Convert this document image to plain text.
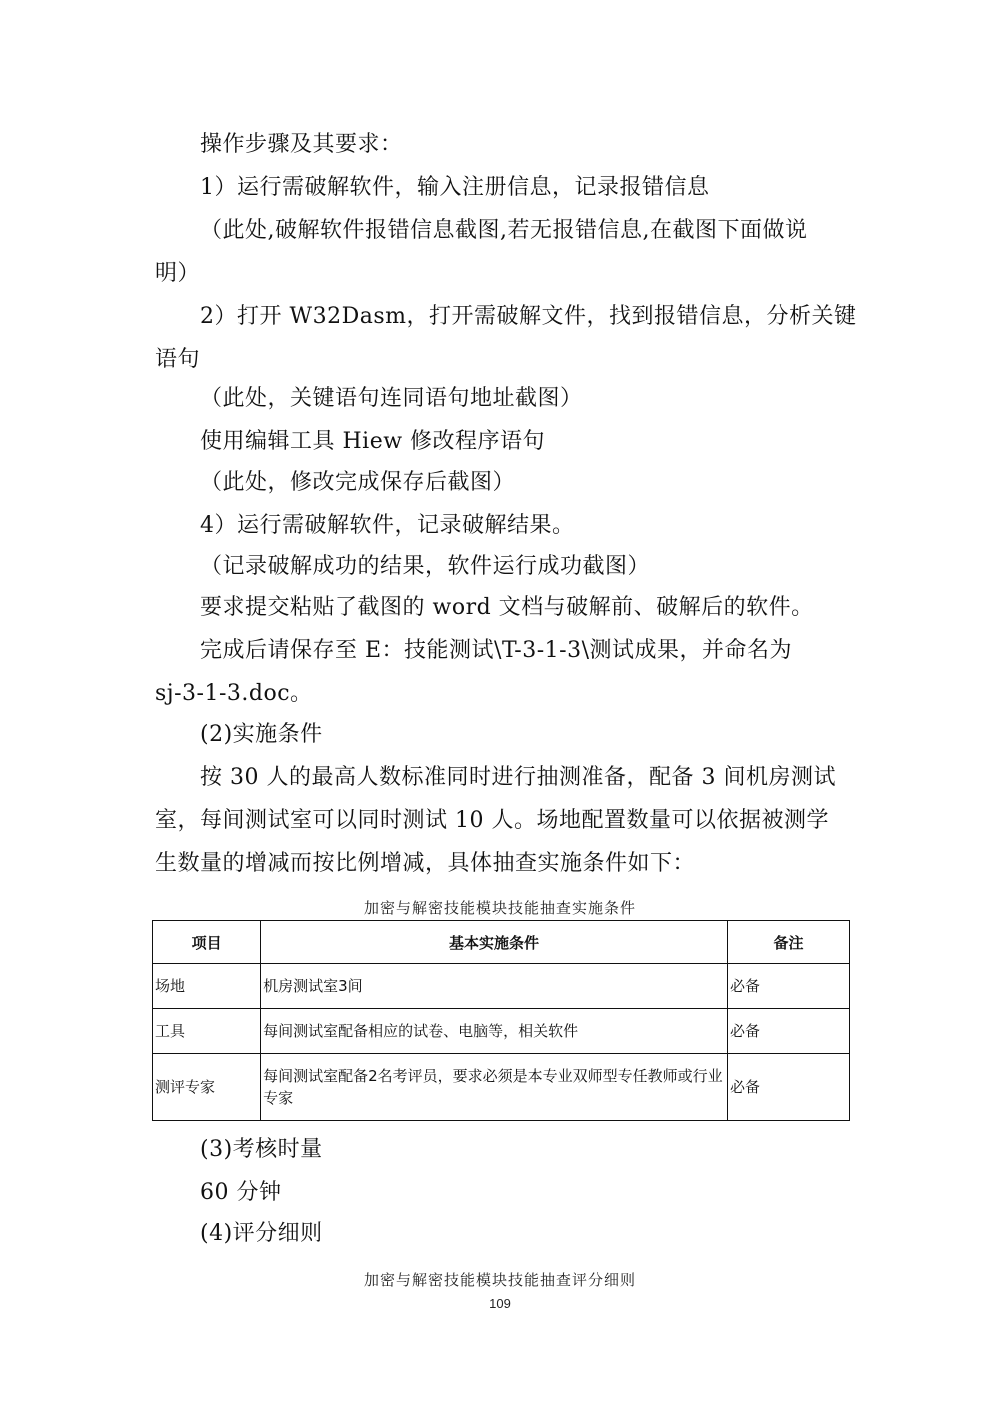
操作步骤及其要求：
1）运行需破解软件，输入注册信息，记录报错信息
（此处,破解软件报错信息截图,若无报错信息,在截图下面做说
明）
2）打开 W32Dasm，打开需破解文件，找到报错信息，分析关键
语句
（此处，关键语句连同语句地址截图）
使用编辑工具 Hiew 修改程序语句
（此处，修改完成保存后截图）
4）运行需破解软件，记录破解结果。
（记录破解成功的结果，软件运行成功截图）
要求提交粘贴了截图的 word 文档与破解前、破解后的软件。
完成后请保存至 E：技能测试\T-3-1-3\测试成果，并命名为
sj-3-1-3.doc。
(2)实施条件
按 30 人的最高人数标准同时进行抽测准备，配备 3 间机房测试
室，每间测试室可以同时测试 10 人。场地配置数量可以依据被测学
生数量的增减而按比例增减，具体抽查实施条件如下：
加密与解密技能模块技能抽查实施条件
项目	基本实施条件	备注
场地	机房测试室3间	必备
工具	每间测试室配备相应的试卷、电脑等，相关软件	必备
测评专家	每间测试室配备2名考评员，要求必须是本专业双师型专任教师或行业专家	必备
(3)考核时量
60 分钟
(4)评分细则
加密与解密技能模块技能抽查评分细则
109
